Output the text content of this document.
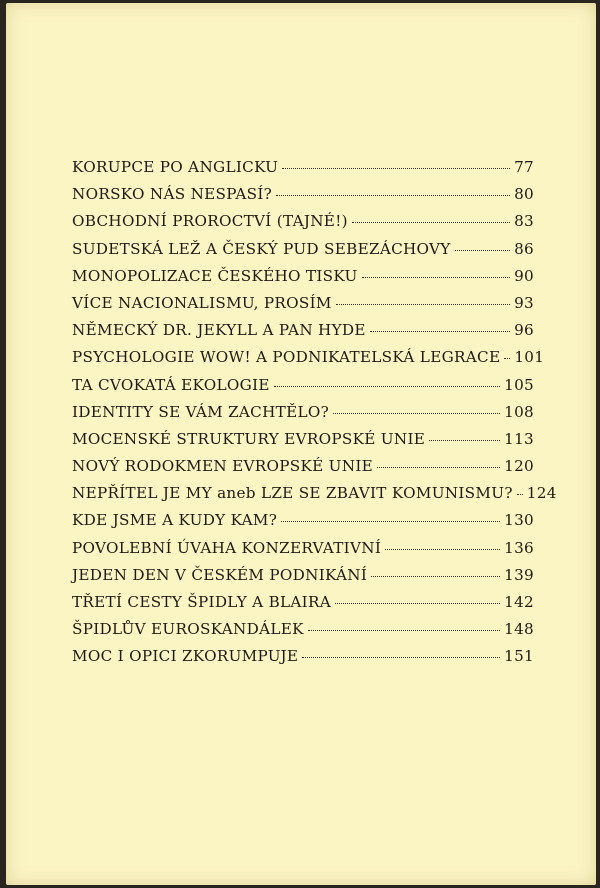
KORUPCE PO ANGLICKU	77
NORSKO NÁS NESPASÍ?	80
OBCHODNÍ PROROCTVÍ (TAJNÉ!)	83
SUDETSKÁ LEŽ A ČESKÝ PUD SEBEZÁCHOVY	86
MONOPOLIZACE ČESKÉHO TISKU	90
VÍCE NACIONALISMU, PROSÍM	93
NĚMECKÝ DR. JEKYLL A PAN HYDE	96
PSYCHOLOGIE WOW! A PODNIKATELSKÁ LEGRACE 101
TA CVOKATÁ EKOLOGIE	105
IDENTITY SE VÁM ZACHTĚLO?	108
MOCENSKÉ STRUKTURY EVROPSKÉ UNIE	113
NOVÝ RODOKMEN EVROPSKÉ UNIE	120
NEPŘÍTEL JE MY aneb LZE SE ZBAVIT KOMUNISMU? 124
KDE JSME A KUDY KAM?	130
POVOLEBNÍ ÚVAHA KONZERVATIVNÍ	136
JEDEN DEN V ČESKÉM PODNIKÁNÍ	139
TŘETÍ CESTY ŠPIDLY A BLAIRA	142
ŠPIDLŮV EUROSKANDÁLEK	148
MOC I OPICI ZKORUMPUJE	151
